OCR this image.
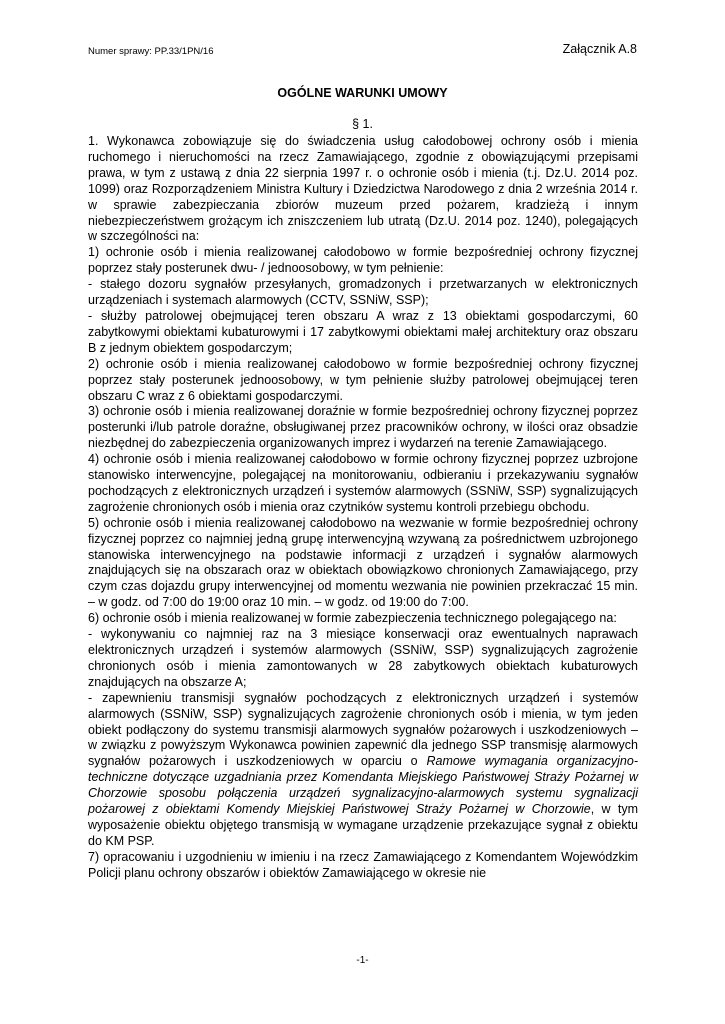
Numer sprawy: PP.33/1PN/16	Załącznik A.8
OGÓLNE WARUNKI UMOWY
§ 1.

1. Wykonawca zobowiązuje się do świadczenia usług całodobowej ochrony osób i mienia ruchomego i nieruchomości na rzecz Zamawiającego, zgodnie z obowiązującymi przepisami prawa, w tym z ustawą z dnia 22 sierpnia 1997 r. o ochronie osób i mienia (t.j. Dz.U. 2014 poz. 1099) oraz Rozporządzeniem Ministra Kultury i Dziedzictwa Narodowego z dnia 2 września 2014 r. w sprawie zabezpieczania zbiorów muzeum przed pożarem, kradzieżą i innym niebezpieczeństwem grożącym ich zniszczeniem lub utratą (Dz.U. 2014 poz. 1240), polegających w szczególności na:

1) ochronie osób i mienia realizowanej całodobowo w formie bezpośredniej ochrony fizycznej poprzez stały posterunek dwu- / jednoosobowy, w tym pełnienie:

- stałego dozoru sygnałów przesyłanych, gromadzonych i przetwarzanych w elektronicznych urządzeniach i systemach alarmowych (CCTV, SSNiW, SSP);

- służby patrolowej obejmującej teren obszaru A wraz z 13 obiektami gospodarczymi, 60 zabytkowymi obiektami kubaturowymi i 17 zabytkowymi obiektami małej architektury oraz obszaru B z jednym obiektem gospodarczym;

2) ochronie osób i mienia realizowanej całodobowo w formie bezpośredniej ochrony fizycznej poprzez stały posterunek jednoosobowy, w tym pełnienie służby patrolowej obejmującej teren obszaru C wraz z 6 obiektami gospodarczymi.

3) ochronie osób i mienia realizowanej doraźnie w formie bezpośredniej ochrony fizycznej poprzez posterunki i/lub patrole doraźne, obsługiwanej przez pracowników ochrony, w ilości oraz obsadzie niezbędnej do zabezpieczenia organizowanych imprez i wydarzeń na terenie Zamawiającego.

4) ochronie osób i mienia realizowanej całodobowo w formie ochrony fizycznej poprzez uzbrojone stanowisko interwencyjne, polegającej na monitorowaniu, odbieraniu i przekazywaniu sygnałów pochodzących z elektronicznych urządzeń i systemów alarmowych (SSNiW, SSP) sygnalizujących zagrożenie chronionych osób i mienia oraz czytników systemu kontroli przebiegu obchodu.

5) ochronie osób i mienia realizowanej całodobowo na wezwanie w formie bezpośredniej ochrony fizycznej poprzez co najmniej jedną grupę interwencyjną wzywaną za pośrednictwem uzbrojonego stanowiska interwencyjnego na podstawie informacji z urządzeń i sygnałów alarmowych znajdujących się na obszarach oraz w obiektach obowiązkowo chronionych Zamawiającego, przy czym czas dojazdu grupy interwencyjnej od momentu wezwania nie powinien przekraczać 15 min. – w godz. od 7:00 do 19:00 oraz 10 min. – w godz. od 19:00 do 7:00.

6) ochronie osób i mienia realizowanej w formie zabezpieczenia technicznego polegającego na:

- wykonywaniu co najmniej raz na 3 miesiące konserwacji oraz ewentualnych naprawach elektronicznych urządzeń i systemów alarmowych (SSNiW, SSP) sygnalizujących zagrożenie chronionych osób i mienia zamontowanych w 28 zabytkowych obiektach kubaturowych znajdujących na obszarze A;

- zapewnieniu transmisji sygnałów pochodzących z elektronicznych urządzeń i systemów alarmowych (SSNiW, SSP) sygnalizujących zagrożenie chronionych osób i mienia, w tym jeden obiekt podłączony do systemu transmisji alarmowych sygnałów pożarowych i uszkodzeniowych – w związku z powyższym Wykonawca powinien zapewnić dla jednego SSP transmisję alarmowych sygnałów pożarowych i uszkodzeniowych w oparciu o Ramowe wymagania organizacyjno-techniczne dotyczące uzgadniania przez Komendanta Miejskiego Państwowej Straży Pożarnej w Chorzowie sposobu połączenia urządzeń sygnalizacyjno-alarmowych systemu sygnalizacji pożarowej z obiektami Komendy Miejskiej Państwowej Straży Pożarnej w Chorzowie, w tym wyposażenie obiektu objętego transmisją w wymagane urządzenie przekazujące sygnał z obiektu do KM PSP.

7) opracowaniu i uzgodnieniu w imieniu i na rzecz Zamawiającego z Komendantem Wojewódzkim Policji planu ochrony obszarów i obiektów Zamawiającego w okresie nie

-1-
